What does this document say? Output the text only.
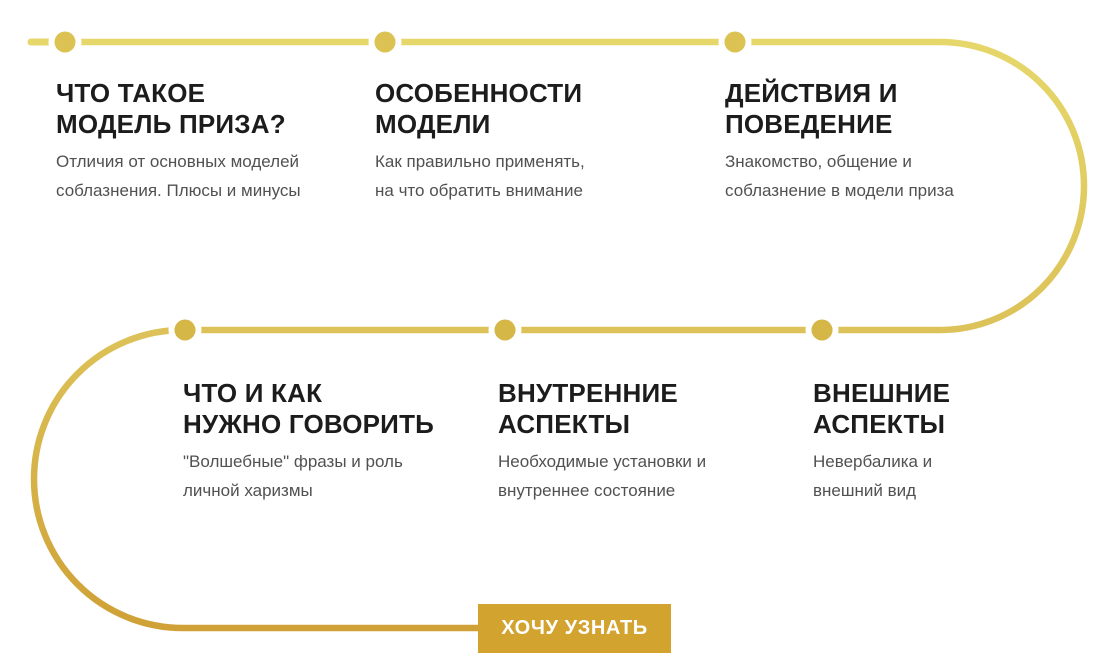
ЧТО ТАКОЕ
МОДЕЛЬ ПРИЗА?

Отличия от основных моделей
соблазнения. Плюсы и минусы

ОСОБЕННОСТИ
МОДЕЛИ

Как правильно применять,
на что обратить внимание

ДЕЙСТВИЯ И
ПОВЕДЕНИЕ

Знакомство, общение и
соблазнение в модели приза

ЧТО И КАК
НУЖНО ГОВОРИТЬ

"Волшебные" фразы и роль
личной харизмы

ВНУТРЕННИЕ
АСПЕКТЫ

Необходимые установки и
внутреннее состояние

ВНЕШНИЕ
АСПЕКТЫ

Невербалика и
внешний вид

ХОЧУ УЗНАТЬ
